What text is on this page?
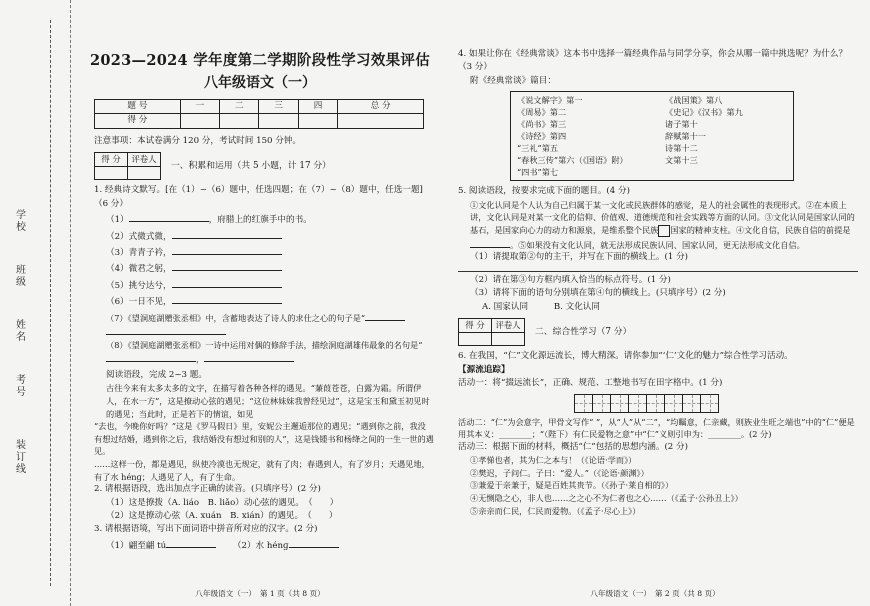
学校
班级
姓名
考号
装订线
2023—2024 学年度第二学期阶段性学习效果评估
八年级语文（一）
题 号	一	二	三	四	总 分
得 分					
注意事项：本试卷满分 120 分，考试时间 150 分钟。
得 分	评卷人

一、积累和运用（共 5 小题，计 17 分）
1. 经典诗文默写。[在（1）~（6）题中，任选四题；在（7）~（8）题中，任选一题]（6 分）
（1）	，府腊上的红旗手中的书。
（2）式微式微，
（3）青青子衿，
（4）微君之躬，
（5）挑兮达兮，
（6）一日不见，
（7）《望洞庭湖赠张丞相》中，含蓄地表达了诗人的求仕之心的句子是“
（8）《望洞庭湖赠张丞相》一诗中运用对偶的修辞手法，描绘洞庭湖雄伟最象的名句是“
，
阅读语段，完成 2~3 题。
古往今来有太多太多的文字，在描写着各种各样的遇见。“蒹葭苍苍，白露为霜。所谓伊人，在水一方”，这是撩动心弦的遇见；“这位林妹妹我曾经见过”，这是宝玉和黛玉初见时的遇见；当此时，正是若下的情谊，如见
“去也，今晚你好吗？”这是《罗马假日》里，安妮公主邂逅那位的遇见；“遇到你之前，我没有想过结婚，遇到你之后，我结婚没有想过和别的人”，这是钱锺书和杨绛之间的一生一世的遇见。
……这样一份，都是遇见，纵使冷漠也无规定，就有了肉；春遇到人，有了岁月；天遇见地，有了水 hénɡ；人遇见了人，有了生命。
2. 请根据语段，选出加点字正确的读音。(只填序号）(2 分)
（1）这是撩拨（A. liáo　B. liǎo）动心弦的遇见。　（　　）
（2）这是撩动心弦（A. xuán　B. xián）的遇见。　（　　）
3. 请根据语境，写出下面词语中拼音所对应的汉字。(2 分)
（1）翩至翩 tú	（2）水 hénɡ
八年级语文（一）　第 1 页（共 8 页）
4. 如果让你在《经典常谈》这本书中选择一篇经典作品与同学分享，你会从哪一篇中挑选呢？为什么？（3 分）
附《经典常谈》篇目：
《说文解字》第一
《周易》第二
《尚书》第三
《诗经》第四
“三礼”第五
“春秋三传”第六（《国语》附）
“四书”第七
《战国策》第八
《史记》《汉书》第九
诸子第十
辞赋第十一
诗第十二
文第十三
5. 阅读语段，按要求完成下面的题目。(4 分)
①文化认同是个人认为自己归属于某一文化或民族群体的感觉，是人的社会属性的表现形式。②在本质上讲，文化认同是对某一文化的信仰、价值观、道德规范和社会实践等方面的认同。③文化认同是国家认同的基石，是国家向心力的动力和源泉，是维系整个民族 国家的精神支柱。④文化自信，民族自信的前提是。⑤如果没有文化认同，就无法形成民族认同、国家认同，更无法形成文化自信。
（1）请提取第②句的主干，并写在下面的横线上。(1 分)
（2）请在第③句方框内填入恰当的标点符号。(1 分)
（3）请将下面的语句分别填在第④句的横线上。(只填序号）(2 分)
A. 国家认同　　　B. 文化认同
得 分	评卷人

二、综合性学习（7 分）
6. 在我国，“仁”文化源远流长，博大精深。请你参加“‘仁’文化的魅力”综合性学习活动。
【源流追踪】
活动一：将“掇远流长”，正确、规范、工整地书写在田字格中。(1 分)
活动二：“仁”为会意字，甲骨文写作“ ”，从“人”从“二”，“均瞩意，仁亲藏，则族业生旺之端也”中的“仁”便是用其本义：________；“（陛下）有仁民爱物之意”中“仁”义则引申为：________。(2 分)
活动三：根据下面的材料，概括“仁”包括的思想内涵。(2 分)
①孝悌也者，其为仁之本与！（《论语·学而》）
②樊迟，子问仁。子曰：“爱人。”（《论语·颜渊》）
③兼爱于亲兼于，疑是百姓其贵节。（《孙子·莱自相的》）
④无恻隐之心，非人也……之之心不为仁者也之心……（《孟子·公孙丑上》）
⑤亲亲而仁民，仁民而爱物。（《孟子·尽心上》）
八年级语文（一）　第 2 页（共 8 页）
